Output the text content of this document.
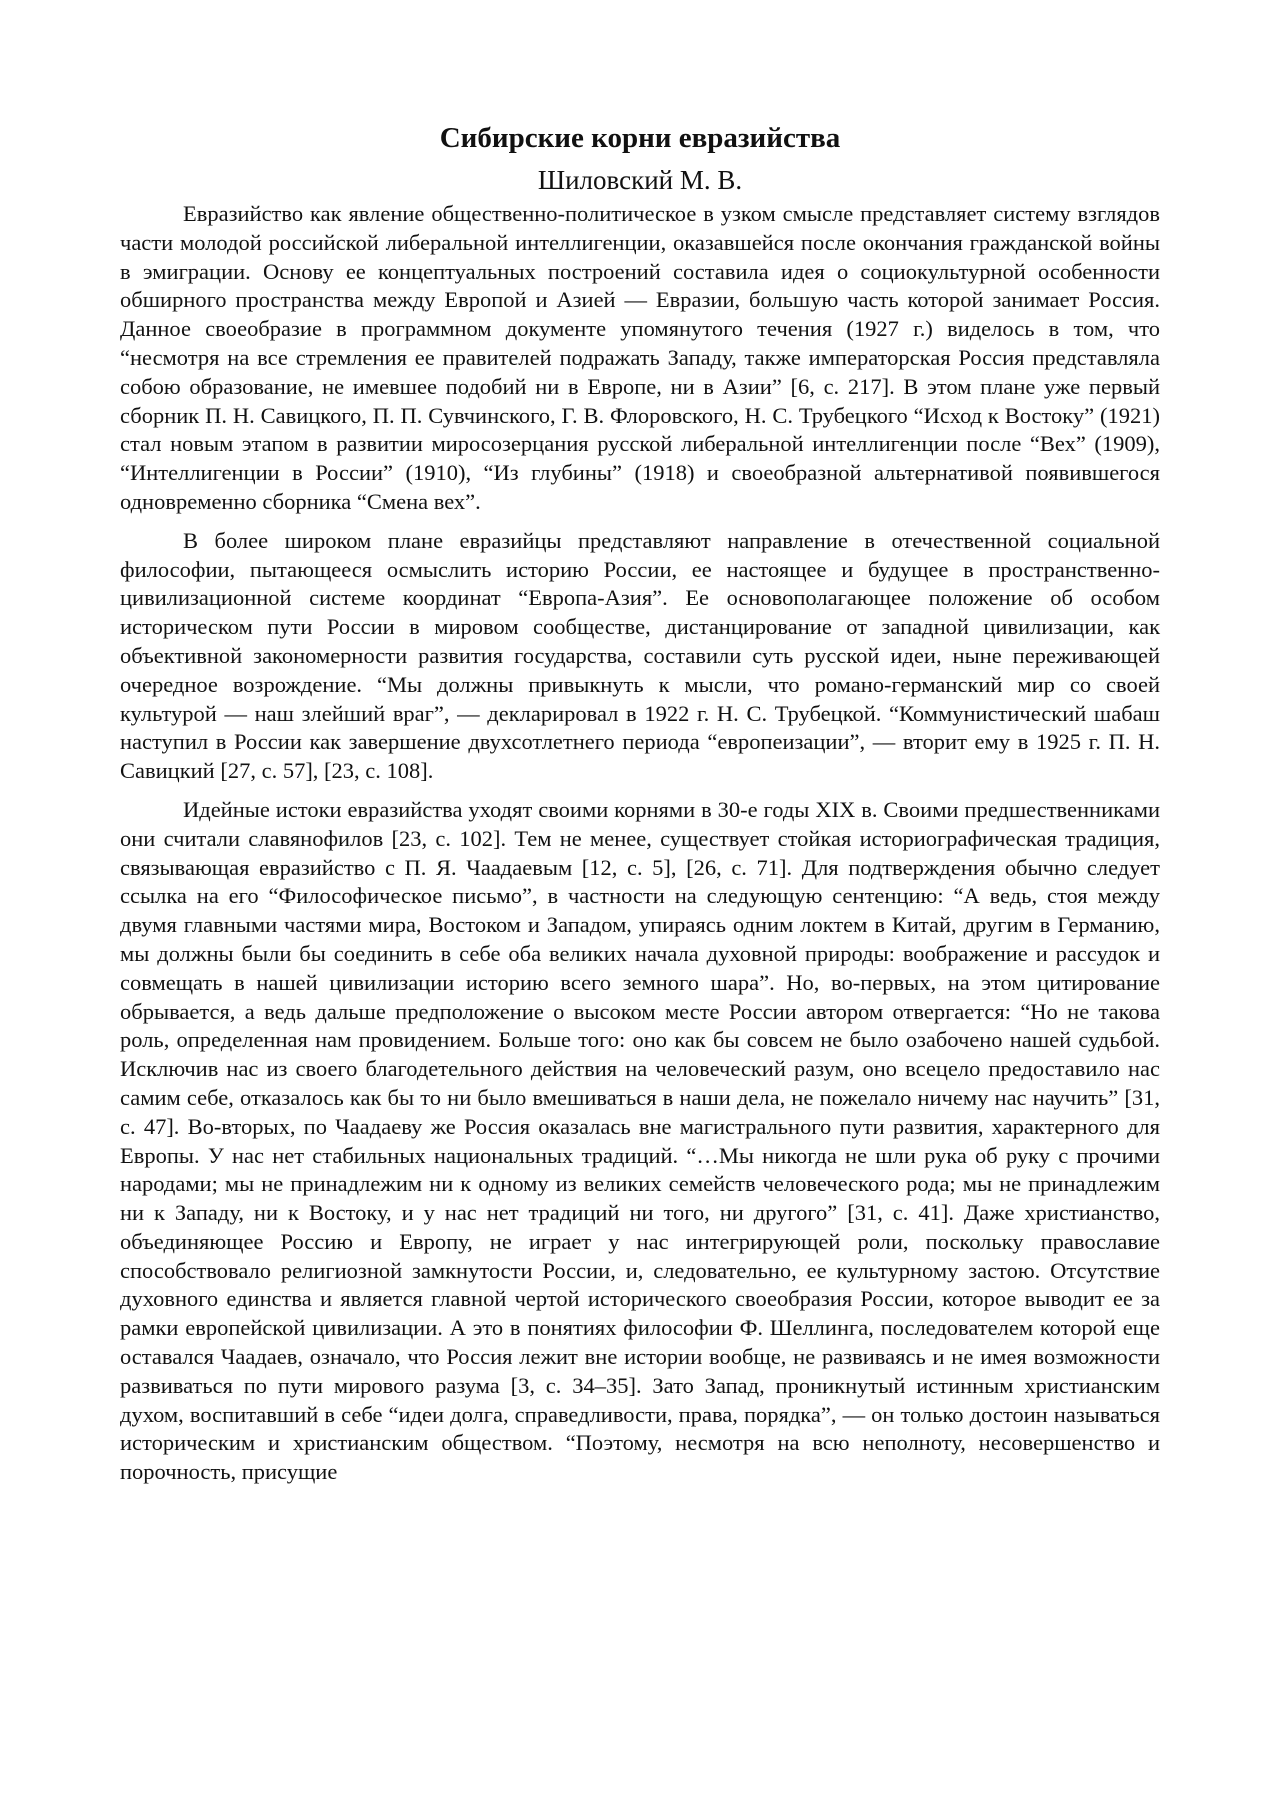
Сибирские корни евразийства
Шиловский М. В.

Евразийство как явление общественно-политическое в узком смысле представляет систему взглядов части молодой российской либеральной интеллигенции, оказавшейся после окончания гражданской войны в эмиграции. Основу ее концептуальных построений составила идея о социокультурной особенности обширного пространства между Европой и Азией — Евразии, большую часть которой занимает Россия. Данное своеобразие в программном документе упомянутого течения (1927 г.) виделось в том, что “несмотря на все стремления ее правителей подражать Западу, также императорская Россия представляла собою образование, не имевшее подобий ни в Европе, ни в Азии” [6, с. 217]. В этом плане уже первый сборник П. Н. Савицкого, П. П. Сувчинского, Г. В. Флоровского, Н. С. Трубецкого “Исход к Востоку” (1921) стал новым этапом в развитии миросозерцания русской либеральной интеллигенции после “Вех” (1909), “Интеллигенции в России” (1910), “Из глубины” (1918) и своеобразной альтернативой появившегося одновременно сборника “Смена вех”.

В более широком плане евразийцы представляют направление в отечественной социальной философии, пытающееся осмыслить историю России, ее настоящее и будущее в пространственно-цивилизационной системе координат “Европа-Азия”. Ее основополагающее положение об особом историческом пути России в мировом сообществе, дистанцирование от западной цивилизации, как объективной закономерности развития государства, составили суть русской идеи, ныне переживающей очередное возрождение. “Мы должны привыкнуть к мысли, что романо-германский мир со своей культурой — наш злейший враг”, — декларировал в 1922 г. Н. С. Трубецкой. “Коммунистический шабаш наступил в России как завершение двухсотлетнего периода “европеизации”, — вторит ему в 1925 г. П. Н. Савицкий [27, с. 57], [23, с. 108].

Идейные истоки евразийства уходят своими корнями в 30-е годы XIX в. Своими предшественниками они считали славянофилов [23, с. 102]. Тем не менее, существует стойкая историографическая традиция, связывающая евразийство с П. Я. Чаадаевым [12, с. 5], [26, с. 71]. Для подтверждения обычно следует ссылка на его “Философическое письмо”, в частности на следующую сентенцию: “А ведь, стоя между двумя главными частями мира, Востоком и Западом, упираясь одним локтем в Китай, другим в Германию, мы должны были бы соединить в себе оба великих начала духовной природы: воображение и рассудок и совмещать в нашей цивилизации историю всего земного шара”. Но, во-первых, на этом цитирование обрывается, а ведь дальше предположение о высоком месте России автором отвергается: “Но не такова роль, определенная нам провидением. Больше того: оно как бы совсем не было озабочено нашей судьбой. Исключив нас из своего благодетельного действия на человеческий разум, оно всецело предоставило нас самим себе, отказалось как бы то ни было вмешиваться в наши дела, не пожелало ничему нас научить” [31, с. 47]. Во-вторых, по Чаадаеву же Россия оказалась вне магистрального пути развития, характерного для Европы. У нас нет стабильных национальных традиций. “…Мы никогда не шли рука об руку с прочими народами; мы не принадлежим ни к одному из великих семейств человеческого рода; мы не принадлежим ни к Западу, ни к Востоку, и у нас нет традиций ни того, ни другого” [31, с. 41]. Даже христианство, объединяющее Россию и Европу, не играет у нас интегрирующей роли, поскольку православие способствовало религиозной замкнутости России, и, следовательно, ее культурному застою. Отсутствие духовного единства и является главной чертой исторического своеобразия России, которое выводит ее за рамки европейской цивилизации. А это в понятиях философии Ф. Шеллинга, последователем которой еще оставался Чаадаев, означало, что Россия лежит вне истории вообще, не развиваясь и не имея возможности развиваться по пути мирового разума [3, с. 34–35]. Зато Запад, проникнутый истинным христианским духом, воспитавший в себе “идеи долга, справедливости, права, порядка”, — он только достоин называться историческим и христианским обществом. “Поэтому, несмотря на всю неполноту, несовершенство и порочность, присущие
